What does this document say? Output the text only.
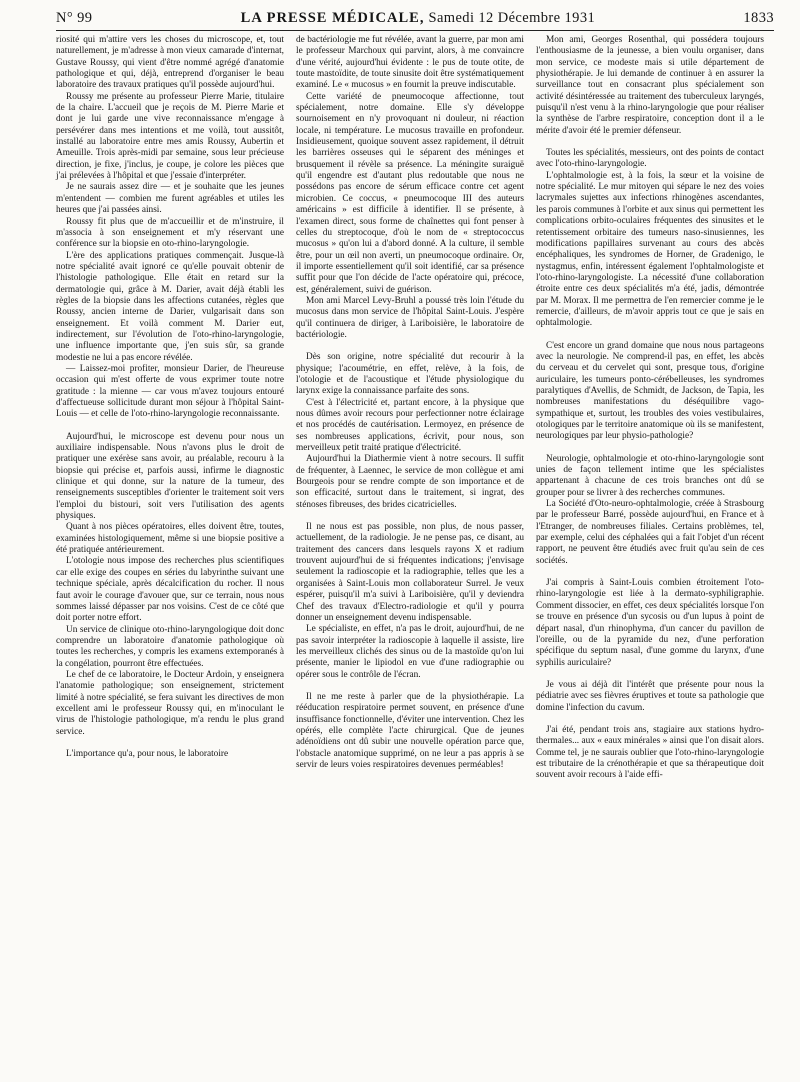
N° 99	LA PRESSE MÉDICALE, Samedi 12 Décembre 1931	1833

riosité qui m'attire vers les choses du microscope, et, tout naturellement, je m'adresse à mon vieux camarade d'internat, Gustave Roussy, qui vient d'être nommé agrégé d'anatomie pathologique et qui, déjà, entreprend d'organiser le beau laboratoire des travaux pratiques qu'il possède aujourd'hui.

Roussy me présente au professeur Pierre Marie, titulaire de la chaire. L'accueil que je reçois de M. Pierre Marie et dont je lui garde une vive reconnaissance m'engage à persévérer dans mes intentions et me voilà, tout aussitôt, installé au laboratoire entre mes amis Roussy, Aubertin et Ameuille. Trois après-midi par semaine, sous leur précieuse direction, je fixe, j'inclus, je coupe, je colore les pièces que j'ai prélevées à l'hôpital et que j'essaie d'interpréter.

Je ne saurais assez dire — et je souhaite que les jeunes m'entendent — combien me furent agréables et utiles les heures que j'ai passées ainsi.

Roussy fit plus que de m'accueillir et de m'instruire, il m'associa à son enseignement et m'y réservant une conférence sur la biopsie en oto-rhino-laryngologie.

L'ère des applications pratiques commençait. Jusque-là notre spécialité avait ignoré ce qu'elle pouvait obtenir de l'histologie pathologique. Elle était en retard sur la dermatologie qui, grâce à M. Darier, avait déjà établi les règles de la biopsie dans les affections cutanées, règles que Roussy, ancien interne de Darier, vulgarisait dans son enseignement. Et voilà comment M. Darier eut, indirectement, sur l'évolution de l'oto-rhino-laryngologie, une influence importante que, j'en suis sûr, sa grande modestie ne lui a pas encore révélée.

— Laissez-moi profiter, monsieur Darier, de l'heureuse occasion qui m'est offerte de vous exprimer toute notre gratitude : la mienne — car vous m'avez toujours entouré d'affectueuse sollicitude durant mon séjour à l'hôpital Saint-Louis — et celle de l'oto-rhino-laryngologie reconnaissante.

Aujourd'hui, le microscope est devenu pour nous un auxiliaire indispensable. Nous n'avons plus le droit de pratiquer une exérèse sans avoir, au préalable, recouru à la biopsie qui précise et, parfois aussi, infirme le diagnostic clinique et qui donne, sur la nature de la tumeur, des renseignements susceptibles d'orienter le traitement soit vers l'emploi du bistouri, soit vers l'utilisation des agents physiques.

Quant à nos pièces opératoires, elles doivent être, toutes, examinées histologiquement, même si une biopsie positive a été pratiquée antérieurement.

L'otologie nous impose des recherches plus scientifiques car elle exige des coupes en séries du labyrinthe suivant une technique spéciale, après décalcification du rocher. Il nous faut avoir le courage d'avouer que, sur ce terrain, nous nous sommes laissé dépasser par nos voisins. C'est de ce côté que doit porter notre effort.

Un service de clinique oto-rhino-laryngologique doit donc comprendre un laboratoire d'anatomie pathologique où toutes les recherches, y compris les examens extemporanés à la congélation, pourront être effectuées.

Le chef de ce laboratoire, le Docteur Ardoin, y enseignera l'anatomie pathologique; son enseignement, strictement limité à notre spécialité, se fera suivant les directives de mon excellent ami le professeur Roussy qui, en m'inoculant le virus de l'histologie pathologique, m'a rendu le plus grand service.

L'importance qu'a, pour nous, le laboratoire

de bactériologie me fut révélée, avant la guerre, par mon ami le professeur Marchoux qui parvint, alors, à me convaincre d'une vérité, aujourd'hui évidente : le pus de toute otite, de toute mastoïdite, de toute sinusite doit être systématiquement examiné. Le « mucosus » en fournit la preuve indiscutable.

Cette variété de pneumocoque affectionne, tout spécialement, notre domaine. Elle s'y développe sournoisement en n'y provoquant ni douleur, ni réaction locale, ni température. Le mucosus travaille en profondeur. Insidieusement, quoique souvent assez rapidement, il détruit les barrières osseuses qui le séparent des méninges et brusquement il révèle sa présence. La méningite suraiguë qu'il engendre est d'autant plus redoutable que nous ne possédons pas encore de sérum efficace contre cet agent microbien. Ce coccus, « pneumocoque III des auteurs américains » est difficile à identifier. Il se présente, à l'examen direct, sous forme de chaînettes qui font penser à celles du streptocoque, d'où le nom de « streptococcus mucosus » qu'on lui a d'abord donné. A la culture, il semble être, pour un œil non averti, un pneumocoque ordinaire. Or, il importe essentiellement qu'il soit identifié, car sa présence suffit pour que l'on décide de l'acte opératoire qui, précoce, est, généralement, suivi de guérison.

Mon ami Marcel Levy-Bruhl a poussé très loin l'étude du mucosus dans mon service de l'hôpital Saint-Louis. J'espère qu'il continuera de diriger, à Lariboisière, le laboratoire de bactériologie.

Dès son origine, notre spécialité dut recourir à la physique; l'acoumétrie, en effet, relève, à la fois, de l'otologie et de l'acoustique et l'étude physiologique du larynx exige la connaissance parfaite des sons.

C'est à l'électricité et, partant encore, à la physique que nous dûmes avoir recours pour perfectionner notre éclairage et nos procédés de cautérisation. Lermoyez, en présence de ses nombreuses applications, écrivit, pour nous, son merveilleux petit traité pratique d'électricité.

Aujourd'hui la Diathermie vient à notre secours. Il suffit de fréquenter, à Laennec, le service de mon collègue et ami Bourgeois pour se rendre compte de son importance et de son efficacité, surtout dans le traitement, si ingrat, des sténoses fibreuses, des brides cicatricielles.

Il ne nous est pas possible, non plus, de nous passer, actuellement, de la radiologie. Je ne pense pas, ce disant, au traitement des cancers dans lesquels rayons X et radium trouvent aujourd'hui de si fréquentes indications; j'envisage seulement la radioscopie et la radiographie, telles que les a organisées à Saint-Louis mon collaborateur Surrel. Je veux espérer, puisqu'il m'a suivi à Lariboisière, qu'il y deviendra Chef des travaux d'Electro-radiologie et qu'il y pourra donner un enseignement devenu indispensable.

Le spécialiste, en effet, n'a pas le droit, aujourd'hui, de ne pas savoir interpréter la radioscopie à laquelle il assiste, lire les merveilleux clichés des sinus ou de la mastoïde qu'on lui présente, manier le lipiodol en vue d'une radiographie ou opérer sous le contrôle de l'écran.

Il ne me reste à parler que de la physiothérapie. La rééducation respiratoire permet souvent, en présence d'une insuffisance fonctionnelle, d'éviter une intervention. Chez les opérés, elle complète l'acte chirurgical. Que de jeunes adénoïdiens ont dû subir une nouvelle opération parce que, l'obstacle anatomique supprimé, on ne leur a pas appris à se servir de leurs voies respiratoires devenues perméables!

Mon ami, Georges Rosenthal, qui possédera toujours l'enthousiasme de la jeunesse, a bien voulu organiser, dans mon service, ce modeste mais si utile département de physiothérapie. Je lui demande de continuer à en assurer la surveillance tout en consacrant plus spécialement son activité désintéressée au traitement des tuberculeux laryngés, puisqu'il n'est venu à la rhino-laryngologie que pour réaliser la synthèse de l'arbre respiratoire, conception dont il a le mérite d'avoir été le premier défenseur.

Toutes les spécialités, messieurs, ont des points de contact avec l'oto-rhino-laryngologie.

L'ophtalmologie est, à la fois, la sœur et la voisine de notre spécialité. Le mur mitoyen qui sépare le nez des voies lacrymales sujettes aux infections rhinogènes ascendantes, les parois communes à l'orbite et aux sinus qui permettent les complications orbito-oculaires fréquentes des sinusites et le retentissement orbitaire des tumeurs naso-sinusiennes, les modifications papillaires survenant au cours des abcès encéphaliques, les syndromes de Horner, de Gradenigo, le nystagmus, enfin, intéressent également l'ophtalmologiste et l'oto-rhino-laryngologiste. La nécessité d'une collaboration étroite entre ces deux spécialités m'a été, jadis, démontrée par M. Morax. Il me permettra de l'en remercier comme je le remercie, d'ailleurs, de m'avoir appris tout ce que je sais en ophtalmologie.

C'est encore un grand domaine que nous nous partageons avec la neurologie. Ne comprend-il pas, en effet, les abcès du cerveau et du cervelet qui sont, presque tous, d'origine auriculaire, les tumeurs ponto-cérébelleuses, les syndromes paralytiques d'Avellis, de Schmidt, de Jackson, de Tapia, les nombreuses manifestations du déséquilibre vago-sympathique et, surtout, les troubles des voies vestibulaires, otologiques par le territoire anatomique où ils se manifestent, neurologiques par leur physio-pathologie?

Neurologie, ophtalmologie et oto-rhino-laryngologie sont unies de façon tellement intime que les spécialistes appartenant à chacune de ces trois branches ont dû se grouper pour se livrer à des recherches communes.

La Société d'Oto-neuro-ophtalmologie, créée à Strasbourg par le professeur Barré, possède aujourd'hui, en France et à l'Etranger, de nombreuses filiales. Certains problèmes, tel, par exemple, celui des céphalées qui a fait l'objet d'un récent rapport, ne peuvent être étudiés avec fruit qu'au sein de ces sociétés.

J'ai compris à Saint-Louis combien étroitement l'oto-rhino-laryngologie est liée à la dermato-syphiligraphie. Comment dissocier, en effet, ces deux spécialités lorsque l'on se trouve en présence d'un sycosis ou d'un lupus à point de départ nasal, d'un rhinophyma, d'un cancer du pavillon de l'oreille, ou de la pyramide du nez, d'une perforation spécifique du septum nasal, d'une gomme du larynx, d'une syphilis auriculaire?

Je vous ai déjà dit l'intérêt que présente pour nous la pédiatrie avec ses fièvres éruptives et toute sa pathologie que domine l'infection du cavum.

J'ai été, pendant trois ans, stagiaire aux stations hydro-thermales... aux « eaux minérales » ainsi que l'on disait alors. Comme tel, je ne saurais oublier que l'oto-rhino-laryngologie est tributaire de la crénothérapie et que sa thérapeutique doit souvent avoir recours à l'aide effi-
